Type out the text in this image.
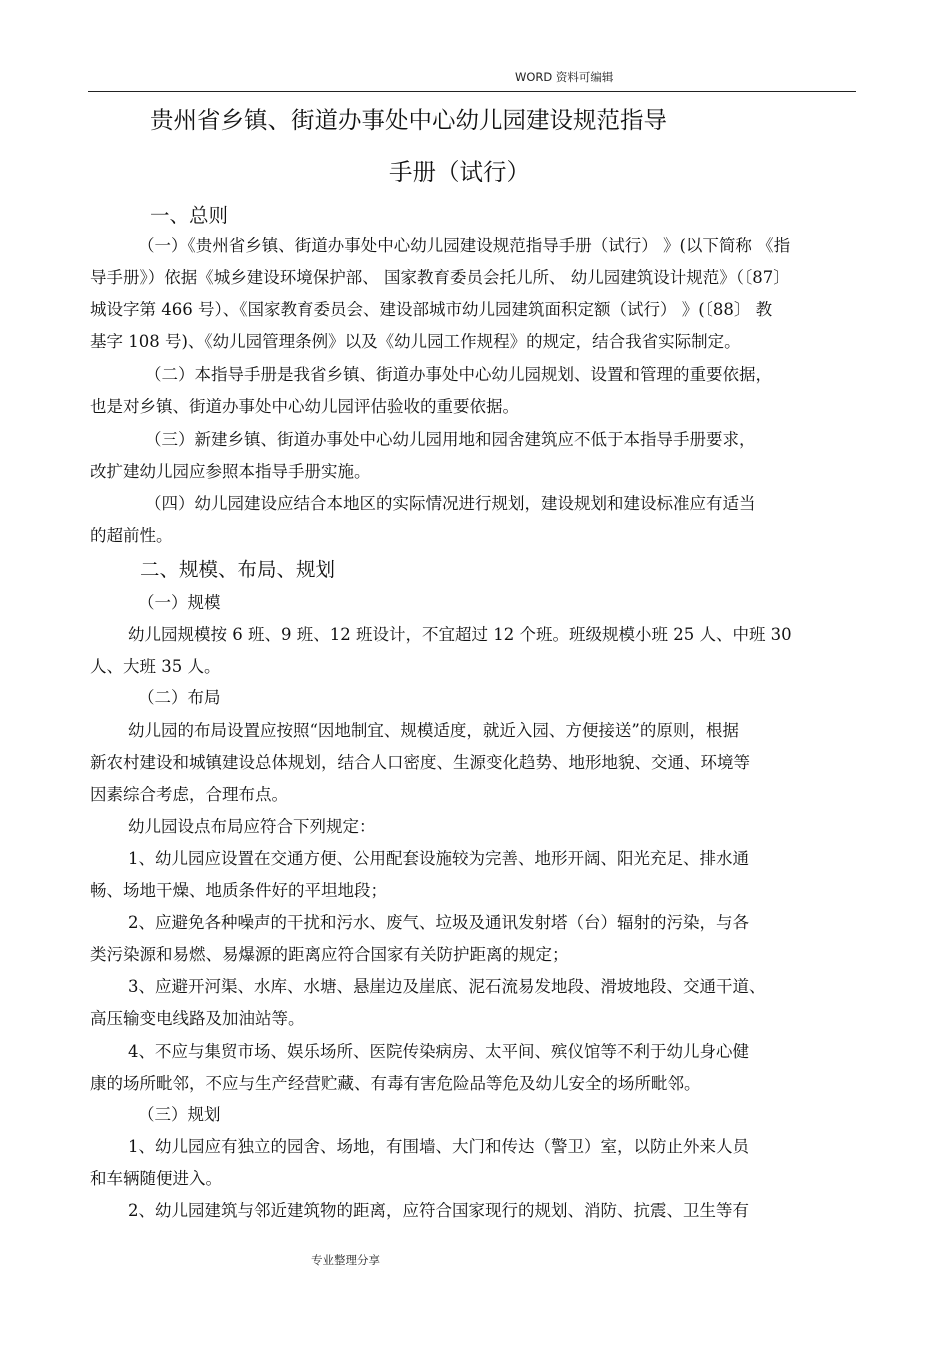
WORD 资料可编辑
贵州省乡镇、街道办事处中心幼儿园建设规范指导
手册（试行）
一、总则
（一）《贵州省乡镇、街道办事处中心幼儿园建设规范指导手册（试行） 》(以下简称 《指
导手册》）依据《城乡建设环境保护部、 国家教育委员会托儿所、 幼儿园建筑设计规范》（〔87〕
城设字第 466 号）、《国家教育委员会、建设部城市幼儿园建筑面积定额（试行） 》(〔88〕 教
基字 108 号)、《幼儿园管理条例》以及《幼儿园工作规程》的规定，结合我省实际制定。
（二）本指导手册是我省乡镇、街道办事处中心幼儿园规划、设置和管理的重要依据，
也是对乡镇、街道办事处中心幼儿园评估验收的重要依据。
（三）新建乡镇、街道办事处中心幼儿园用地和园舍建筑应不低于本指导手册要求，
改扩建幼儿园应参照本指导手册实施。
（四）幼儿园建设应结合本地区的实际情况进行规划，建设规划和建设标准应有适当
的超前性。
二、规模、布局、规划
（一）规模
幼儿园规模按 6 班、9 班、12 班设计，不宜超过 12 个班。班级规模小班 25 人、中班 30
人、大班 35 人。
（二）布局
幼儿园的布局设置应按照“因地制宜、规模适度，就近入园、方便接送”的原则，根据
新农村建设和城镇建设总体规划，结合人口密度、生源变化趋势、地形地貌、交通、环境等
因素综合考虑，合理布点。
幼儿园设点布局应符合下列规定：
1、幼儿园应设置在交通方便、公用配套设施较为完善、地形开阔、阳光充足、排水通
畅、场地干燥、地质条件好的平坦地段；
2、应避免各种噪声的干扰和污水、废气、垃圾及通讯发射塔（台）辐射的污染，与各
类污染源和易燃、易爆源的距离应符合国家有关防护距离的规定；
3、应避开河渠、水库、水塘、悬崖边及崖底、泥石流易发地段、滑坡地段、交通干道、
高压输变电线路及加油站等。
4、不应与集贸市场、娱乐场所、医院传染病房、太平间、殡仪馆等不利于幼儿身心健
康的场所毗邻，不应与生产经营贮藏、有毒有害危险品等危及幼儿安全的场所毗邻。
（三）规划
1、幼儿园应有独立的园舍、场地，有围墙、大门和传达（警卫）室，以防止外来人员
和车辆随便进入。
2、幼儿园建筑与邻近建筑物的距离，应符合国家现行的规划、消防、抗震、卫生等有
专业整理分享
